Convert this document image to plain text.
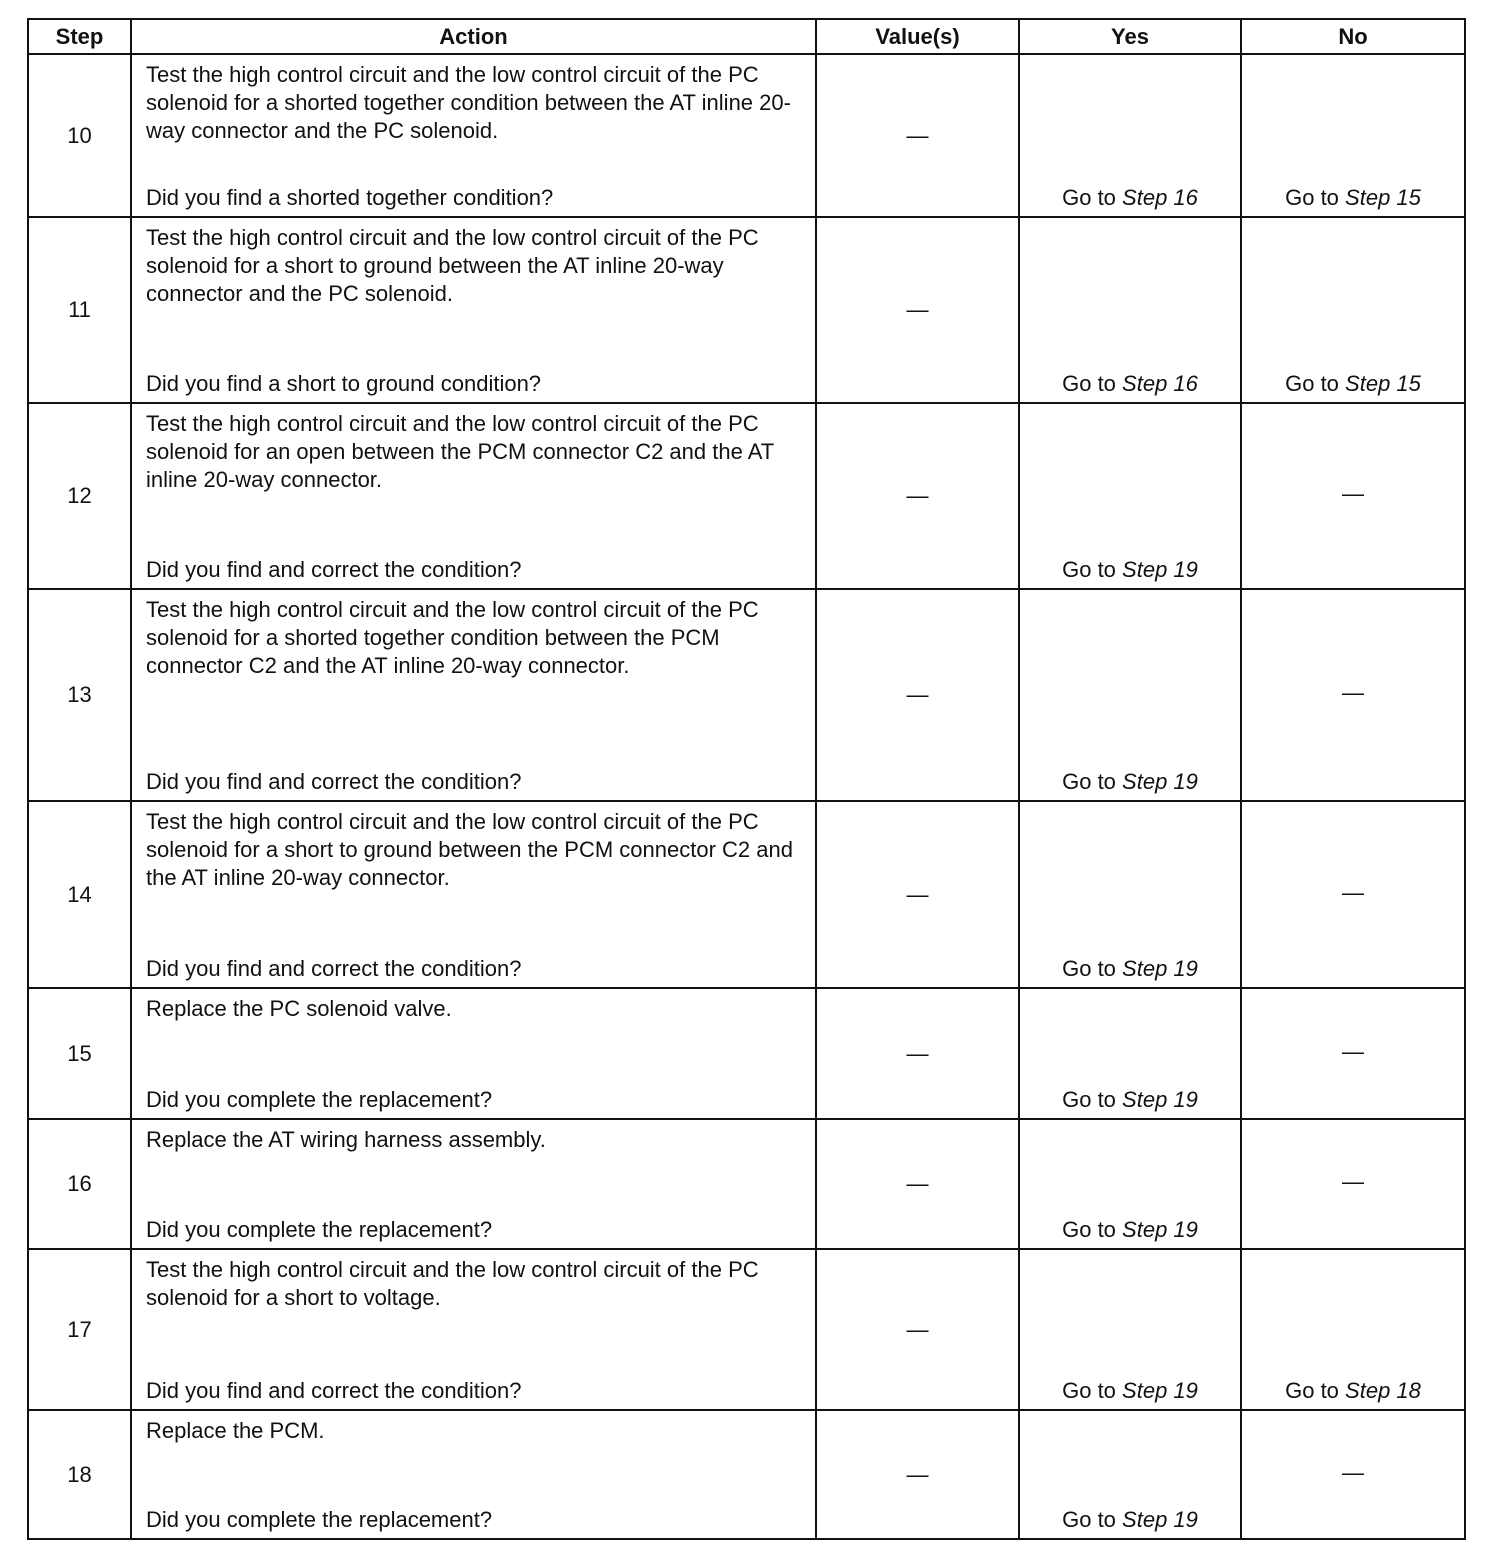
Step	Action	Value(s)	Yes	No
10	Test the high control circuit and the low control circuit of the PC solenoid for a shorted together condition between the AT inline 20-way connector and the PC solenoid.
Did you find a shorted together condition?	—	Go to Step 16	Go to Step 15
11	Test the high control circuit and the low control circuit of the PC solenoid for a short to ground between the AT inline 20-way connector and the PC solenoid.
Did you find a short to ground condition?	—	Go to Step 16	Go to Step 15
12	Test the high control circuit and the low control circuit of the PC solenoid for an open between the PCM connector C2 and the AT inline 20-way connector.
Did you find and correct the condition?	—	Go to Step 19	—
13	Test the high control circuit and the low control circuit of the PC solenoid for a shorted together condition between the PCM connector C2 and the AT inline 20-way connector.
Did you find and correct the condition?	—	Go to Step 19	—
14	Test the high control circuit and the low control circuit of the PC solenoid for a short to ground between the PCM connector C2 and the AT inline 20-way connector.
Did you find and correct the condition?	—	Go to Step 19	—
15	Replace the PC solenoid valve.
Did you complete the replacement?	—	Go to Step 19	—
16	Replace the AT wiring harness assembly.
Did you complete the replacement?	—	Go to Step 19	—
17	Test the high control circuit and the low control circuit of the PC solenoid for a short to voltage.
Did you find and correct the condition?	—	Go to Step 19	Go to Step 18
18	Replace the PCM.
Did you complete the replacement?	—	Go to Step 19	—
